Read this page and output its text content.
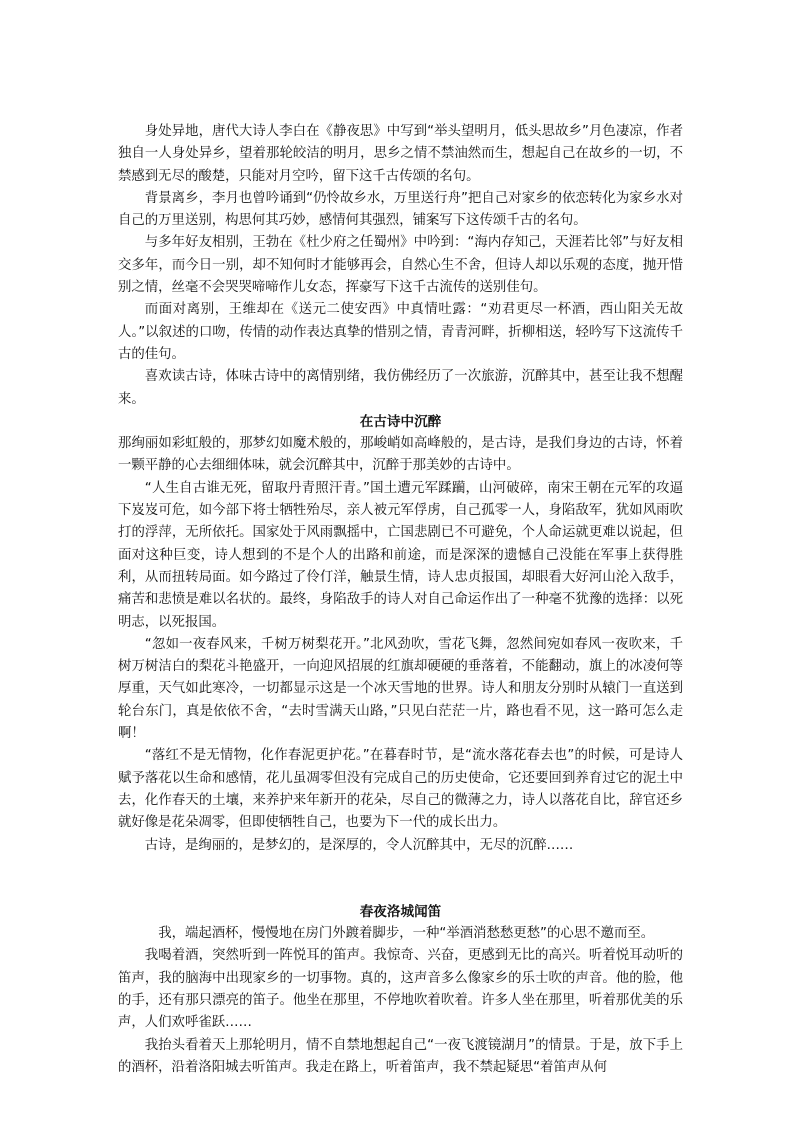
身处异地，唐代大诗人李白在《静夜思》中写到“举头望明月，低头思故乡”月色凄凉，作者独自一人身处异乡，望着那轮皎洁的明月，思乡之情不禁油然而生，想起自己在故乡的一切，不禁感到无尽的酸楚，只能对月空吟，留下这千古传颂的名句。

背景离乡，李月也曾吟诵到“仍怜故乡水，万里送行舟”把自己对家乡的依恋转化为家乡水对自己的万里送别，构思何其巧妙，感情何其强烈，铺案写下这传颂千古的名句。

与多年好友相别，王勃在《杜少府之任蜀州》中吟到：“海内存知己，天涯若比邻”与好友相交多年，而今日一别，却不知何时才能够再会，自然心生不舍，但诗人却以乐观的态度，抛开惜别之情，丝毫不会哭哭啼啼作儿女态，挥豪写下这千古流传的送别佳句。

而面对离别，王维却在《送元二使安西》中真情吐露：“劝君更尽一杯酒，西山阳关无故人。”以叙述的口吻，传情的动作表达真挚的惜别之情，青青河畔，折柳相送，轻吟写下这流传千古的佳句。

喜欢读古诗，体味古诗中的离情别绪，我仿佛经历了一次旅游，沉醉其中，甚至让我不想醒来。

在古诗中沉醉

那绚丽如彩虹般的，那梦幻如魔术般的，那峻峭如高峰般的，是古诗，是我们身边的古诗，怀着一颗平静的心去细细体味，就会沉醉其中，沉醉于那美妙的古诗中。

“人生自古谁无死，留取丹青照汗青。”国土遭元军蹂躏，山河破碎，南宋王朝在元军的攻逼下岌岌可危，如今部下将士牺牲殆尽，亲人被元军俘虏，自己孤零一人，身陷敌军，犹如风雨吹打的浮萍，无所依托。国家处于风雨飘摇中，亡国悲剧已不可避免，个人命运就更难以说起，但面对这种巨变，诗人想到的不是个人的出路和前途，而是深深的遗憾自己没能在军事上获得胜利，从而扭转局面。如今路过了伶仃洋，触景生情，诗人忠贞报国，却眼看大好河山沦入敌手，痛苦和悲愤是难以名状的。最终，身陷敌手的诗人对自己命运作出了一种毫不犹豫的选择：以死明志，以死报国。

“忽如一夜春风来，千树万树梨花开。”北风劲吹，雪花飞舞，忽然间宛如春风一夜吹来，千树万树洁白的梨花斗艳盛开，一向迎风招展的红旗却硬硬的垂落着，不能翻动，旗上的冰凌何等厚重，天气如此寒冷，一切都显示这是一个冰天雪地的世界。诗人和朋友分别时从辕门一直送到轮台东门，真是依依不舍，“去时雪满天山路，”只见白茫茫一片，路也看不见，这一路可怎么走啊！

“落红不是无情物，化作春泥更护花。”在暮春时节，是“流水落花春去也”的时候，可是诗人赋予落花以生命和感情，花儿虽凋零但没有完成自己的历史使命，它还要回到养育过它的泥土中去，化作春天的土壤，来养护来年新开的花朵，尽自己的微薄之力，诗人以落花自比，辞官还乡就好像是花朵凋零，但即使牺牲自己，也要为下一代的成长出力。

古诗，是绚丽的，是梦幻的，是深厚的，令人沉醉其中，无尽的沉醉……

春夜洛城闻笛

我，端起酒杯，慢慢地在房门外踱着脚步，一种“举酒消愁愁更愁”的心思不邀而至。

我喝着酒，突然听到一阵悦耳的笛声。我惊奇、兴奋，更感到无比的高兴。听着悦耳动听的笛声，我的脑海中出现家乡的一切事物。真的，这声音多么像家乡的乐士吹的声音。他的脸，他的手，还有那只漂亮的笛子。他坐在那里，不停地吹着吹着。许多人坐在那里，听着那优美的乐声，人们欢呼雀跃……

我抬头看着天上那轮明月，情不自禁地想起自己“一夜飞渡镜湖月”的情景。于是，放下手上的酒杯，沿着洛阳城去听笛声。我走在路上，听着笛声，我不禁起疑思“着笛声从何
